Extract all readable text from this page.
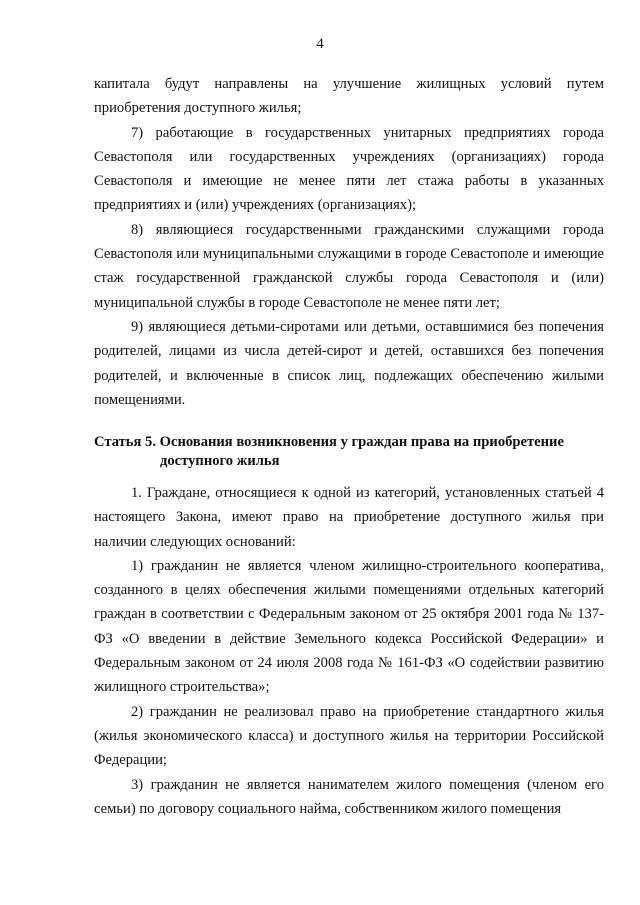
4

капитала будут направлены на улучшение жилищных условий путем приобретения доступного жилья;

7) работающие в государственных унитарных предприятиях города Севастополя или государственных учреждениях (организациях) города Севастополя и имеющие не менее пяти лет стажа работы в указанных предприятиях и (или) учреждениях (организациях);

8) являющиеся государственными гражданскими служащими города Севастополя или муниципальными служащими в городе Севастополе и имеющие стаж государственной гражданской службы города Севастополя и (или) муниципальной службы в городе Севастополе не менее пяти лет;

9) являющиеся детьми-сиротами или детьми, оставшимися без попечения родителей, лицами из числа детей-сирот и детей, оставшихся без попечения родителей, и включенные в список лиц, подлежащих обеспечению жилыми помещениями.

Статья 5. Основания возникновения у граждан права на приобретение
доступного жилья

1. Граждане, относящиеся к одной из категорий, установленных статьей 4 настоящего Закона, имеют право на приобретение доступного жилья при наличии следующих оснований:

1) гражданин не является членом жилищно-строительного кооператива, созданного в целях обеспечения жилыми помещениями отдельных категорий граждан в соответствии с Федеральным законом от 25 октября 2001 года № 137-ФЗ «О введении в действие Земельного кодекса Российской Федерации» и Федеральным законом от 24 июля 2008 года № 161-ФЗ «О содействии развитию жилищного строительства»;

2) гражданин не реализовал право на приобретение стандартного жилья (жилья экономического класса) и доступного жилья на территории Российской Федерации;

3) гражданин не является нанимателем жилого помещения (членом его семьи) по договору социального найма, собственником жилого помещения
